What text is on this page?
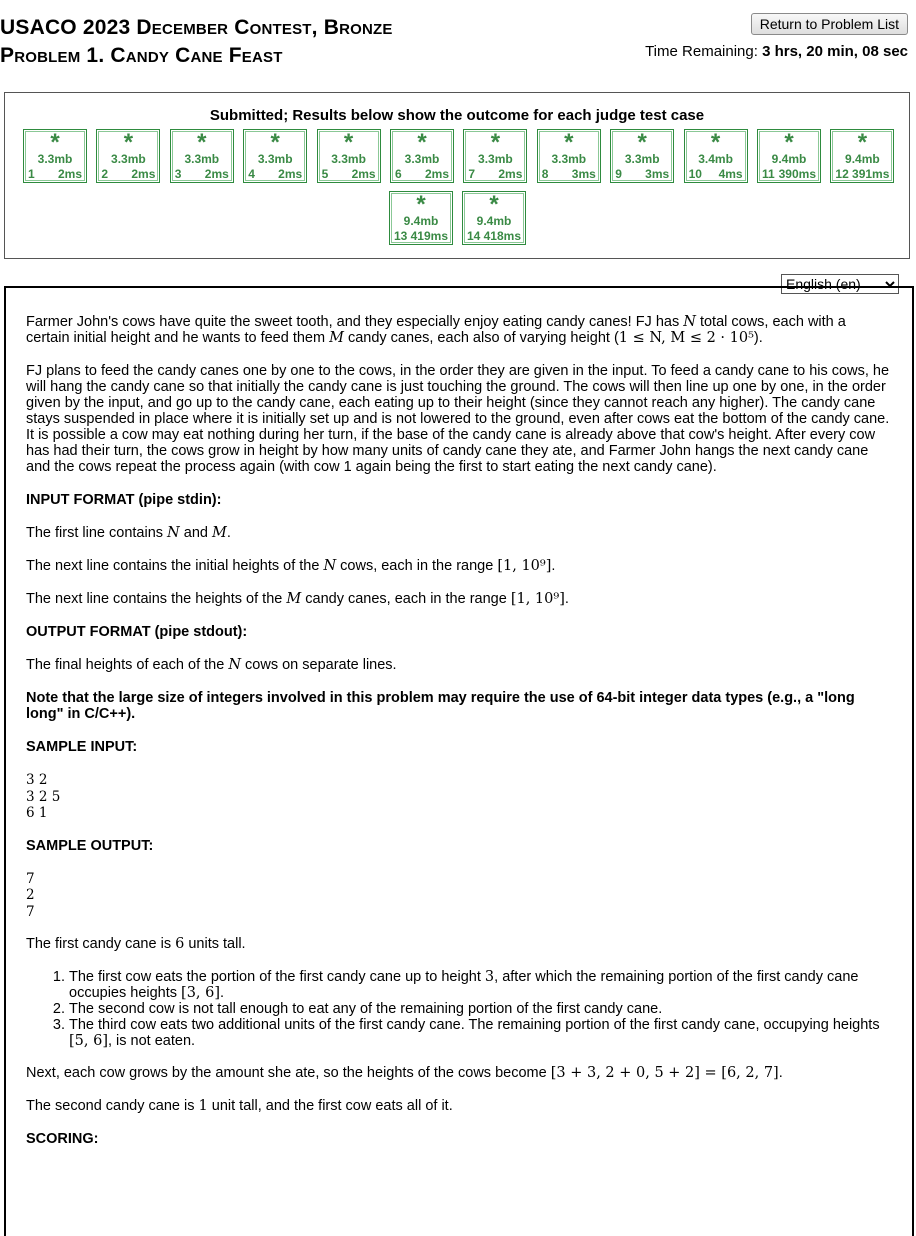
USACO 2023 December Contest, Bronze
Problem 1. Candy Cane Feast
Return to Problem List
Time Remaining: 3 hrs, 20 min, 08 sec
Submitted; Results below show the outcome for each judge test case
*
3.3mb
1 2ms
*
3.3mb
2 2ms
*
3.3mb
3 2ms
*
3.3mb
4 2ms
*
3.3mb
5 2ms
*
3.3mb
6 2ms
*
3.3mb
7 2ms
*
3.3mb
8 3ms
*
3.3mb
9 3ms
*
3.4mb
10 4ms
*
9.4mb
11 390ms
*
9.4mb
12 391ms
*
9.4mb
13 419ms
*
9.4mb
14 418ms
English (en)

Farmer John's cows have quite the sweet tooth, and they especially enjoy eating candy canes! FJ has N total cows, each with a certain initial height and he wants to feed them M candy canes, each also of varying height (1 ≤ N, M ≤ 2 · 10⁵).

FJ plans to feed the candy canes one by one to the cows, in the order they are given in the input. To feed a candy cane to his cows, he will hang the candy cane so that initially the candy cane is just touching the ground. The cows will then line up one by one, in the order given by the input, and go up to the candy cane, each eating up to their height (since they cannot reach any higher). The candy cane stays suspended in place where it is initially set up and is not lowered to the ground, even after cows eat the bottom of the candy cane. It is possible a cow may eat nothing during her turn, if the base of the candy cane is already above that cow's height. After every cow has had their turn, the cows grow in height by how many units of candy cane they ate, and Farmer John hangs the next candy cane and the cows repeat the process again (with cow 1 again being the first to start eating the next candy cane).

INPUT FORMAT (pipe stdin):

The first line contains N and M.

The next line contains the initial heights of the N cows, each in the range [1, 10⁹].

The next line contains the heights of the M candy canes, each in the range [1, 10⁹].

OUTPUT FORMAT (pipe stdout):

The final heights of each of the N cows on separate lines.

Note that the large size of integers involved in this problem may require the use of 64-bit integer data types (e.g., a "long long" in C/C++).

SAMPLE INPUT:
3 2
3 2 5
6 1
SAMPLE OUTPUT:
7
2
7

The first candy cane is 6 units tall.

1. The first cow eats the portion of the first candy cane up to height 3, after which the remaining portion of the first candy cane occupies heights [3, 6].
2. The second cow is not tall enough to eat any of the remaining portion of the first candy cane.
3. The third cow eats two additional units of the first candy cane. The remaining portion of the first candy cane, occupying heights [5, 6], is not eaten.

Next, each cow grows by the amount she ate, so the heights of the cows become [3 + 3, 2 + 0, 5 + 2] = [6, 2, 7].

The second candy cane is 1 unit tall, and the first cow eats all of it.

SCORING:
